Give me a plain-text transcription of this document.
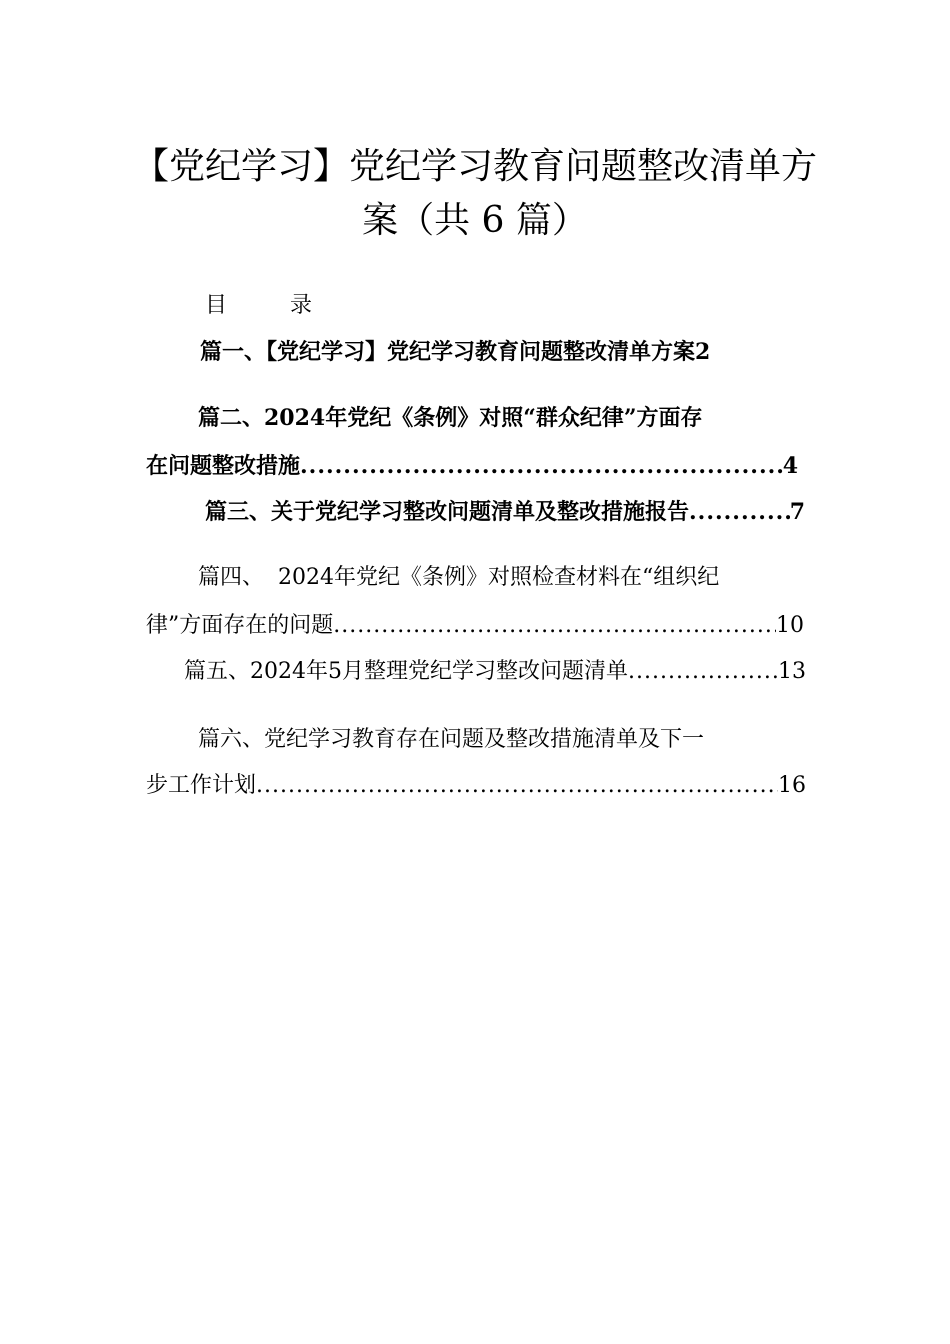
【党纪学习】党纪学习教育问题整改清单方
案（共 6 篇）
目 录
篇一、【党纪学习】党纪学习教育问题整改清单方案 2
篇二、2024年党纪《条例》对照“群众纪律”方面存
在问题整改措施 .....	4
篇三、关于党纪学习整改问题清单及整改措施报告 .....	7
篇四、  2024年党纪《条例》对照检查材料在“组织纪
律”方面存在的问题 .....	10
篇五、2024年5月整理党纪学习整改问题清单 .....	13
篇六、党纪学习教育存在问题及整改措施清单及下一
步工作计划 .....	16
